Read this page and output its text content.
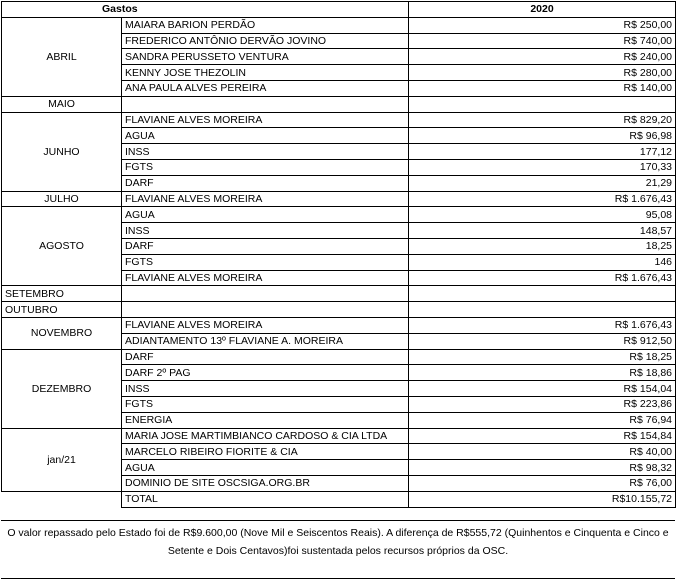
Gastos		2020
ABRIL	MAIARA BARION PERDÃO	R$ 250,00
	FREDERICO ANTÔNIO DERVÃO JOVINO	R$ 740,00
	SANDRA PERUSSETO VENTURA	R$ 240,00
	KENNY JOSE THEZOLIN	R$ 280,00
	ANA PAULA ALVES PEREIRA	R$ 140,00
MAIO		
JUNHO	FLAVIANE ALVES MOREIRA	R$ 829,20
	AGUA	R$ 96,98
	INSS	177,12
	FGTS	170,33
	DARF	21,29
JULHO	FLAVIANE ALVES MOREIRA	R$ 1.676,43
AGOSTO	AGUA	95,08
	INSS	148,57
	DARF	18,25
	FGTS	146
	FLAVIANE ALVES MOREIRA	R$ 1.676,43
SETEMBRO		
OUTUBRO		
NOVEMBRO	FLAVIANE ALVES MOREIRA	R$ 1.676,43
	ADIANTAMENTO 13º FLAVIANE A. MOREIRA	R$ 912,50
DEZEMBRO	DARF	R$ 18,25
	DARF 2º PAG	R$ 18,86
	INSS	R$ 154,04
	FGTS	R$ 223,86
	ENERGIA	R$ 76,94
jan/21	MARIA JOSE MARTIMBIANCO CARDOSO & CIA LTDA	R$ 154,84
	MARCELO RIBEIRO FIORITE & CIA	R$ 40,00
	AGUA	R$ 98,32
	DOMINIO DE SITE OSCSIGA.ORG.BR	R$ 76,00
	TOTAL	R$10.155,72
O valor repassado pelo Estado foi de R$9.600,00 (Nove Mil e Seiscentos Reais). A diferença de R$555,72 (Quinhentos e Cinquenta e Cinco e Setente e Dois Centavos)foi sustentada pelos recursos próprios da OSC.
